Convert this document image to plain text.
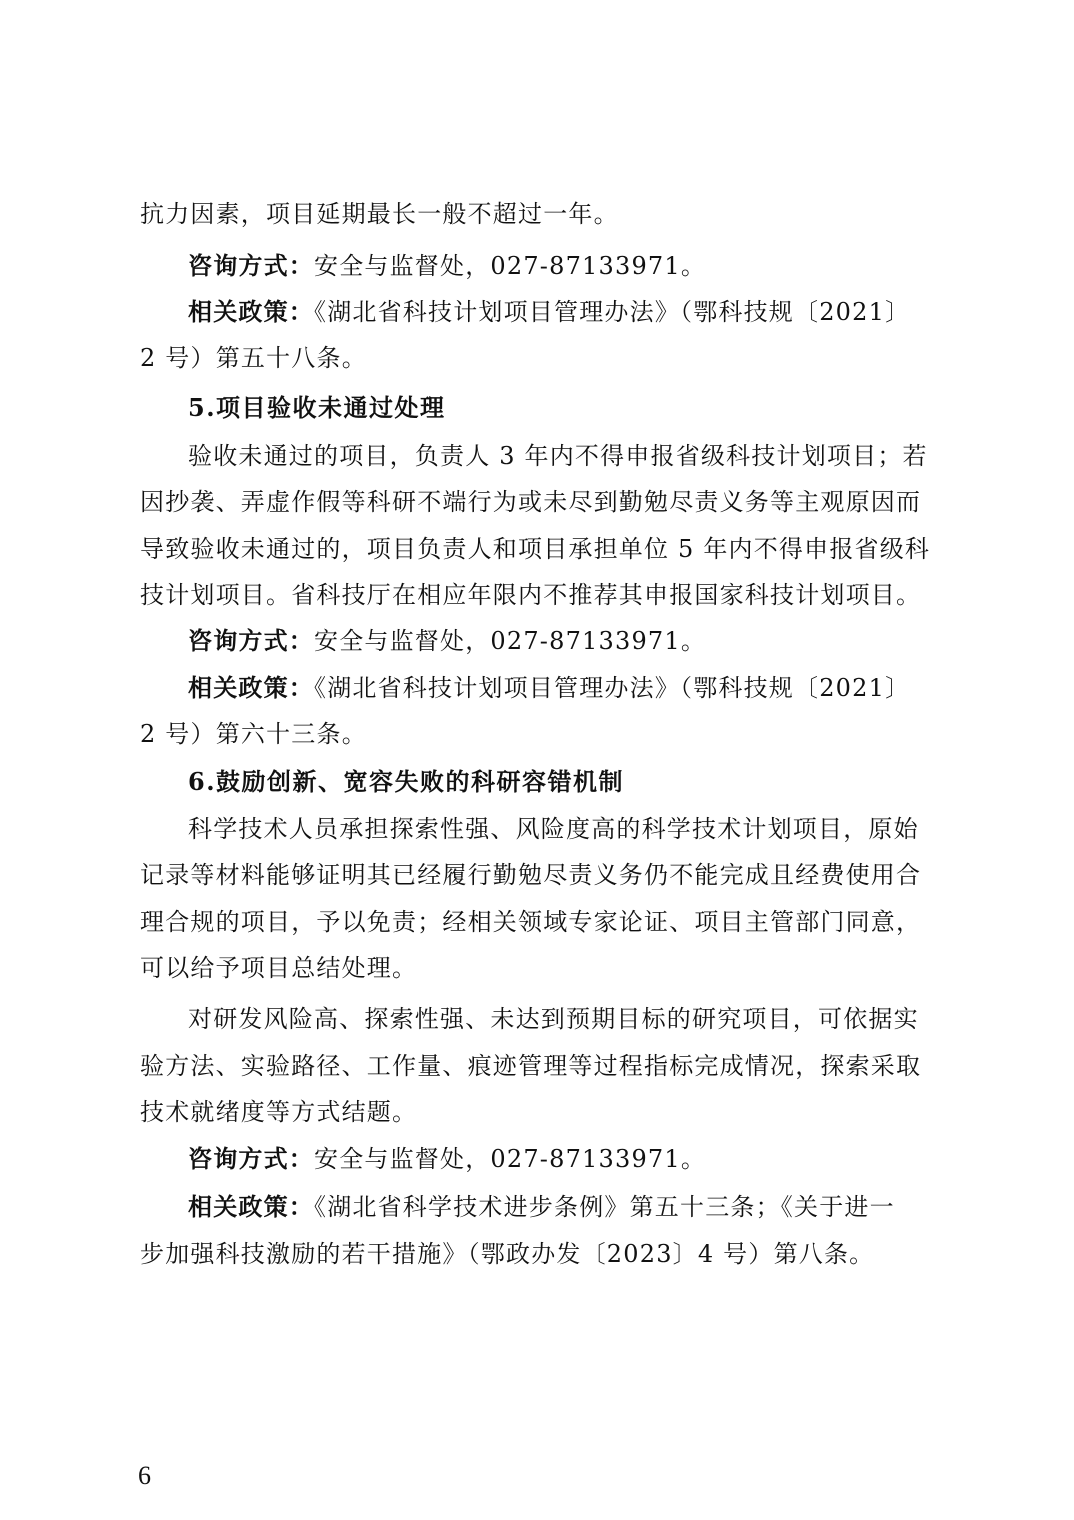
抗力因素，项目延期最长一般不超过一年。
咨询方式：安全与监督处，027-87133971。
相关政策：《湖北省科技计划项目管理办法》（鄂科技规〔2021〕
2 号）第五十八条。
5.项目验收未通过处理
验收未通过的项目，负责人 3 年内不得申报省级科技计划项目；若
因抄袭、弄虚作假等科研不端行为或未尽到勤勉尽责义务等主观原因而
导致验收未通过的，项目负责人和项目承担单位 5 年内不得申报省级科
技计划项目。省科技厅在相应年限内不推荐其申报国家科技计划项目。
咨询方式：安全与监督处，027-87133971。
相关政策：《湖北省科技计划项目管理办法》（鄂科技规〔2021〕
2 号）第六十三条。
6.鼓励创新、宽容失败的科研容错机制
科学技术人员承担探索性强、风险度高的科学技术计划项目，原始
记录等材料能够证明其已经履行勤勉尽责义务仍不能完成且经费使用合
理合规的项目，予以免责；经相关领域专家论证、项目主管部门同意，
可以给予项目总结处理。
对研发风险高、探索性强、未达到预期目标的研究项目，可依据实
验方法、实验路径、工作量、痕迹管理等过程指标完成情况，探索采取
技术就绪度等方式结题。
咨询方式：安全与监督处，027-87133971。
相关政策：《湖北省科学技术进步条例》第五十三条；《关于进一
步加强科技激励的若干措施》（鄂政办发〔2023〕4 号）第八条。
6
